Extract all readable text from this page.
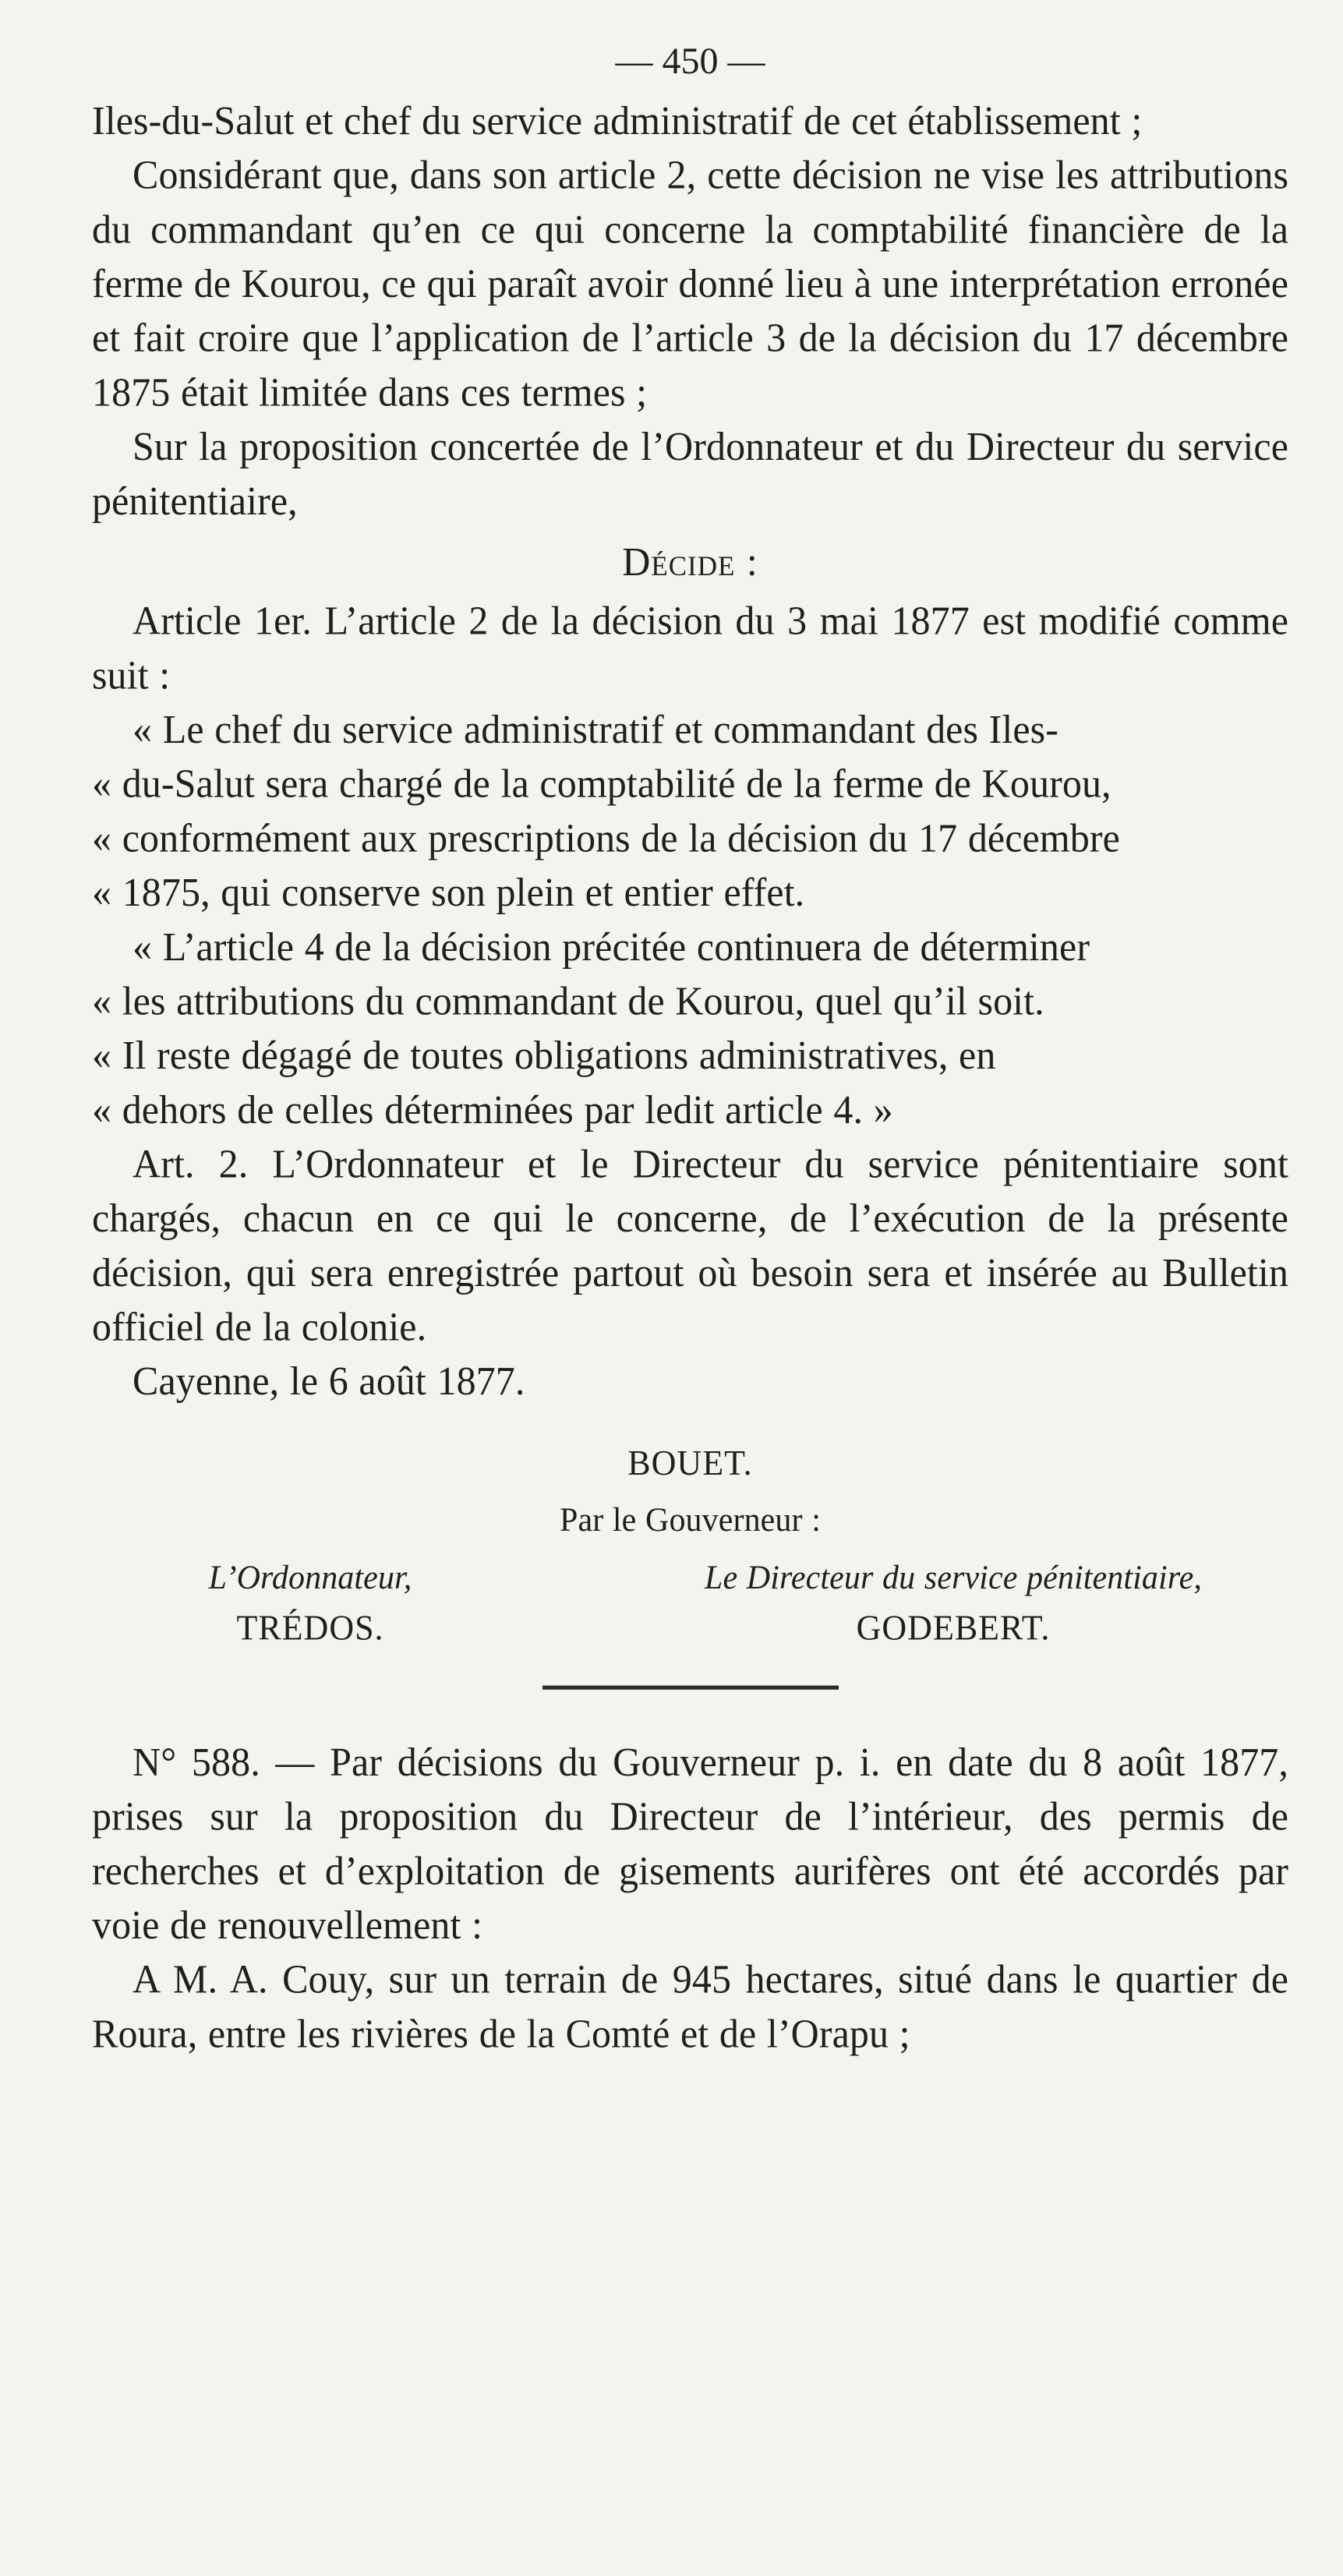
— 450 —

Iles-du-Salut et chef du service administratif de cet établissement ;

Considérant que, dans son article 2, cette décision ne vise les attributions du commandant qu’en ce qui concerne la comptabilité financière de la ferme de Kourou, ce qui paraît avoir donné lieu à une interprétation erronée et fait croire que l’application de l’article 3 de la décision du 17 décembre 1875 était limitée dans ces termes ;

Sur la proposition concertée de l’Ordonnateur et du Directeur du service pénitentiaire,

Décide :

Article 1er. L’article 2 de la décision du 3 mai 1877 est modifié comme suit :

« Le chef du service administratif et commandant des Iles-

« du-Salut sera chargé de la comptabilité de la ferme de Kourou,

« conformément aux prescriptions de la décision du 17 décembre

« 1875, qui conserve son plein et entier effet.

« L’article 4 de la décision précitée continuera de déterminer

« les attributions du commandant de Kourou, quel qu’il soit.

« Il reste dégagé de toutes obligations administratives, en

« dehors de celles déterminées par ledit article 4. »

Art. 2. L’Ordonnateur et le Directeur du service pénitentiaire sont chargés, chacun en ce qui le concerne, de l’exécution de la présente décision, qui sera enregistrée partout où besoin sera et insérée au Bulletin officiel de la colonie.

Cayenne, le 6 août 1877.

BOUET.
Par le Gouverneur :
L’Ordonnateur,
TRÉDOS.
Le Directeur du service pénitentiaire,
GODEBERT.

N° 588. — Par décisions du Gouverneur p. i. en date du 8 août 1877, prises sur la proposition du Directeur de l’intérieur, des permis de recherches et d’exploitation de gisements aurifères ont été accordés par voie de renouvellement :

A M. A. Couy, sur un terrain de 945 hectares, situé dans le quartier de Roura, entre les rivières de la Comté et de l’Orapu ;
